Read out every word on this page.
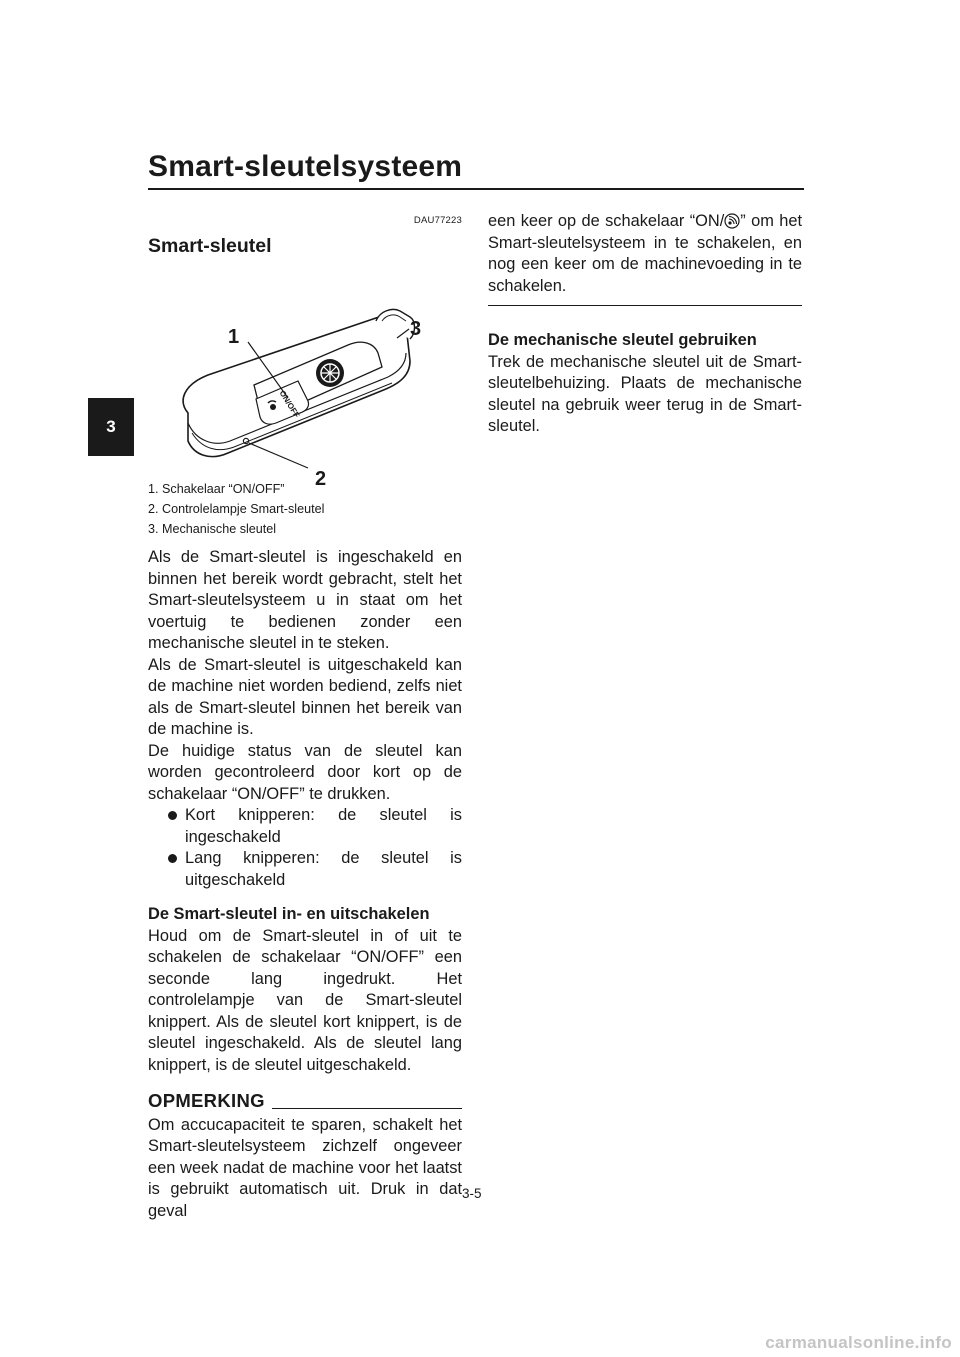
Smart-sleutelsysteem
3
DAU77223
Smart-sleutel
ON/OFF
1	3
2
1. Schakelaar “ON/OFF”
2. Controlelampje Smart-sleutel
3. Mechanische sleutel

Als de Smart-sleutel is ingeschakeld en binnen het bereik wordt gebracht, stelt het Smart-sleutelsysteem u in staat om het voertuig te bedienen zonder een mechanische sleutel in te steken.

Als de Smart-sleutel is uitgeschakeld kan de machine niet worden bediend, zelfs niet als de Smart-sleutel binnen het bereik van de machine is.

De huidige status van de sleutel kan worden gecontroleerd door kort op de schakelaar “ON/OFF” te drukken.

Kort knipperen: de sleutel is ingeschakeld
Lang knipperen: de sleutel is uitgeschakeld
De Smart-sleutel in- en uitschakelen

Houd om de Smart-sleutel in of uit te schakelen de schakelaar “ON/OFF” een seconde lang ingedrukt. Het controlelampje van de Smart-sleutel knippert. Als de sleutel kort knippert, is de sleutel ingeschakeld. Als de sleutel lang knippert, is de sleutel uitgeschakeld.

OPMERKING

Om accucapaciteit te sparen, schakelt het Smart-sleutelsysteem zichzelf ongeveer een week nadat de machine voor het laatst is gebruikt automatisch uit. Druk in dat geval

een keer op de schakelaar “ON/ ” om het Smart-sleutelsysteem in te schakelen, en nog een keer om de machinevoeding in te schakelen.

De mechanische sleutel gebruiken

Trek de mechanische sleutel uit de Smart-sleutelbehuizing. Plaats de mechanische sleutel na gebruik weer terug in de Smart-sleutel.

3-5
carmanualsonline.info
